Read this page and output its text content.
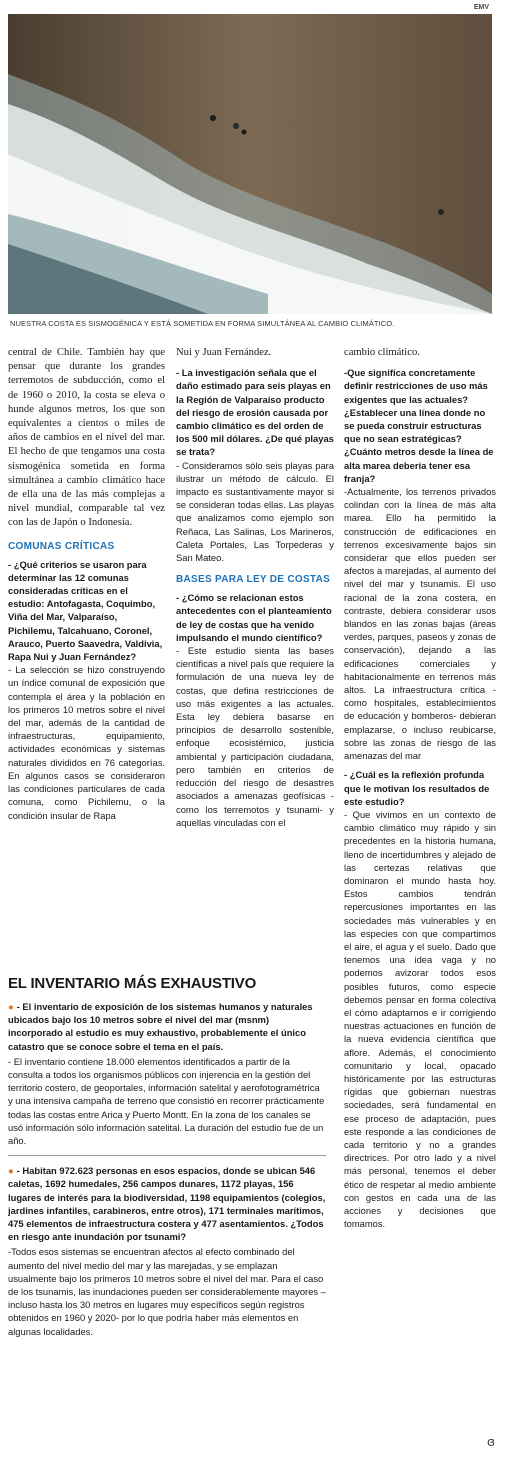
EMV
NUESTRA COSTA ES SISMOGÉNICA Y ESTÁ SOMETIDA EN FORMA SIMULTÁNEA AL CAMBIO CLIMÁTICO.

central de Chile. También hay que pensar que durante los grandes terremotos de subducción, como el de 1960 o 2010, la costa se eleva o hunde algunos metros, los que son equivalentes a cientos o miles de años de cambios en el nivel del mar. El hecho de que tengamos una costa sismogénica sometida en forma simultánea a cambio climático hace de ella una de las más complejas a nivel mundial, comparable tal vez con las de Japón o Indonesia.

COMUNAS CRÍTICAS
- ¿Qué criterios se usaron para determinar las 12 comunas consideradas críticas en el estudio: Antofagasta, Coquimbo, Viña del Mar, Valparaíso, Pichilemu, Talcahuano, Coronel, Arauco, Puerto Saavedra, Valdivia, Rapa Nui y Juan Fernández?
- La selección se hizo construyendo un índice comunal de exposición que contempla el área y la población en los primeros 10 metros sobre el nivel del mar, además de la cantidad de infraestructuras, equipamiento, actividades económicas y sistemas naturales divididos en 76 categorías. En algunos casos se consideraron las condiciones particulares de cada comuna, como Pichilemu, o la condición insular de Rapa

Nui y Juan Fernández.

- La investigación señala que el daño estimado para seis playas en la Región de Valparaíso producto del riesgo de erosión causada por cambio climático es del orden de los 500 mil dólares. ¿De qué playas se trata?
- Consideramos sólo seis playas para ilustrar un método de cálculo. El impacto es sustantivamente mayor si se consideran todas ellas. Las playas que analizamos como ejemplo son Reñaca, Las Salinas, Los Marineros, Caleta Portales, Las Torpederas y San Mateo.
BASES PARA LEY DE COSTAS
- ¿Cómo se relacionan estos antecedentes con el planteamiento de ley de costas que ha venido impulsando el mundo científico?
- Este estudio sienta las bases científicas a nivel país que requiere la formulación de una nueva ley de costas, que defina restricciones de uso más exigentes a las actuales. Esta ley debiera basarse en principios de desarrollo sostenible, enfoque ecosistémico, justicia ambiental y participación ciudadana, pero también en criterios de reducción del riesgo de desastres asociados a amenazas geofísicas -como los terremotos y tsunami- y aquellas vinculadas con el

cambio climático.

-Que significa concretamente definir restricciones de uso más exigentes que las actuales? ¿Establecer una línea donde no se pueda construir estructuras que no sean estratégicas? ¿Cuánto metros desde la línea de alta marea debería tener esa franja?
-Actualmente, los terrenos privados colindan con la línea de más alta marea. Ello ha permitido la construcción de edificaciones en terrenos excesivamente bajos sin considerar que ellos pueden ser afectos a marejadas, al aumento del nivel del mar y tsunamis. El uso racional de la zona costera, en contraste, debiera considerar usos blandos en las zonas bajas (áreas verdes, parques, paseos y zonas de conservación), dejando a las edificaciones comerciales y habitacionalmente en terrenos más altos. La infraestructura crítica -como hospitales, establecimientos de educación y bomberos- debieran emplazarse, o incluso reubicarse, sobre las zonas de riesgo de las amenazas del mar
- ¿Cuál es la reflexión profunda que le motivan los resultados de este estudio?
- Que vivimos en un contexto de cambio climático muy rápido y sin precedentes en la historia humana, lleno de incertidumbres y alejado de las certezas relativas que dominaron el mundo hasta hoy. Estos cambios tendrán repercusiones importantes en las sociedades más vulnerables y en las especies con que compartimos el aire, el agua y el suelo. Dado que tenemos una idea vaga y no podemos avizorar todos esos posibles futuros, como especie debemos pensar en forma colectiva el cómo adaptarnos e ir corrigiendo nuestras actuaciones en función de la nueva evidencia científica que aflore. Además, el conocimiento comunitario y local, opacado históricamente por las estructuras rígidas que gobiernan nuestras sociedades, será fundamental en ese proceso de adaptación, pues este responde a las condiciones de cada territorio y no a grandes directrices. Por otro lado y a nivel más personal, tenemos el deber ético de respetar al medio ambiente con gestos en cada una de las acciones y decisiones que tomamos.
EL INVENTARIO MÁS EXHAUSTIVO

● - El inventario de exposición de los sistemas humanos y naturales ubicados bajo los 10 metros sobre el nivel del mar (msnm) incorporado al estudio es muy exhaustivo, probablemente el único catastro que se conoce sobre el tema en el país.

- El inventario contiene 18.000 elementos identificados a partir de la consulta a todos los organismos públicos con injerencia en la gestión del territorio costero, de geoportales, información satelital y aerofotogramétrica y una intensiva campaña de terreno que consistió en recorrer prácticamente todas las costas entre Arica y Puerto Montt. En la zona de los canales se usó información sólo información satelital. La duración del estudio fue de un año.

● - Habitan 972.623 personas en esos espacios, donde se ubican 546 caletas, 1692 humedales, 256 campos dunares, 1172 playas, 156 lugares de interés para la biodiversidad, 1198 equipamientos (colegios, jardines infantiles, carabineros, entre otros), 171 terminales marítimos, 475 elementos de infraestructura costera y 477 asentamientos. ¿Todos en riesgo ante inundación por tsunami?

-Todos esos sistemas se encuentran afectos al efecto combinado del aumento del nivel medio del mar y las marejadas, y se emplazan usualmente bajo los primeros 10 metros sobre el nivel del mar. Para el caso de los tsunamis, las inundaciones pueden ser considerablemente mayores –incluso hasta los 30 metros en lugares muy específicos según registros obtenidos en 1960 y 2020- por lo que podría haber más elementos en algunas localidades.

ɞ
